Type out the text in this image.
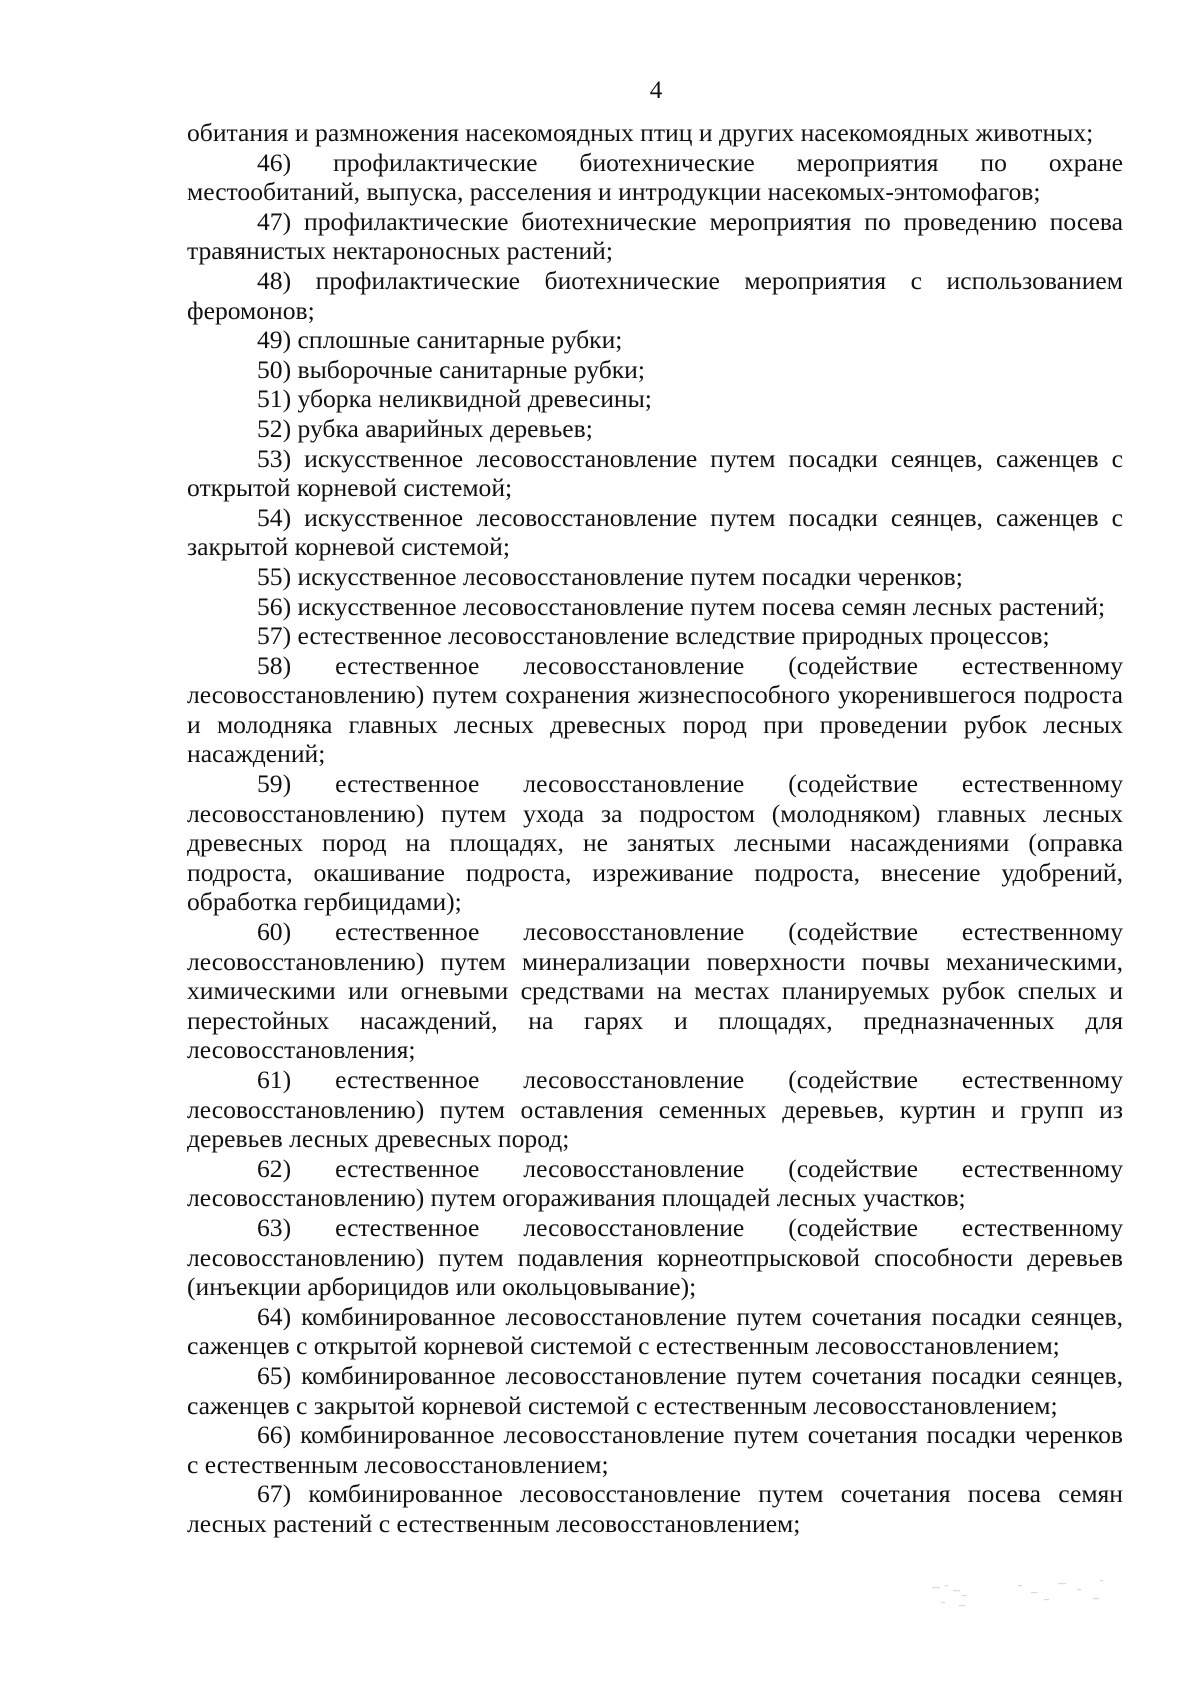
4

обитания и размножения насекомоядных птиц и других насекомоядных животных;

46) профилактические биотехнические мероприятия по охране местообитаний, выпуска, расселения и интродукции насекомых-энтомофагов;

47) профилактические биотехнические мероприятия по проведению посева травянистых нектароносных растений;

48) профилактические биотехнические мероприятия с использованием феромонов;

49) сплошные санитарные рубки;

50) выборочные санитарные рубки;

51) уборка неликвидной древесины;

52) рубка аварийных деревьев;

53) искусственное лесовосстановление путем посадки сеянцев, саженцев с открытой корневой системой;

54) искусственное лесовосстановление путем посадки сеянцев, саженцев с закрытой корневой системой;

55) искусственное лесовосстановление путем посадки черенков;

56) искусственное лесовосстановление путем посева семян лесных растений;

57) естественное лесовосстановление вследствие природных процессов;

58) естественное лесовосстановление (содействие естественному лесовосстановлению) путем сохранения жизнеспособного укоренившегося подроста и молодняка главных лесных древесных пород при проведении рубок лесных насаждений;

59) естественное лесовосстановление (содействие естественному лесовосстановлению) путем ухода за подростом (молодняком) главных лесных древесных пород на площадях, не занятых лесными насаждениями (оправка подроста, окашивание подроста, изреживание подроста, внесение удобрений, обработка гербицидами);

60) естественное лесовосстановление (содействие естественному лесовосстановлению) путем минерализации поверхности почвы механическими, химическими или огневыми средствами на местах планируемых рубок спелых и перестойных насаждений, на гарях и площадях, предназначенных для лесовосстановления;

61) естественное лесовосстановление (содействие естественному лесовосстановлению) путем оставления семенных деревьев, куртин и групп из деревьев лесных древесных пород;

62) естественное лесовосстановление (содействие естественному лесовосстановлению) путем огораживания площадей лесных участков;

63) естественное лесовосстановление (содействие естественному лесовосстановлению) путем подавления корнеотпрысковой способности деревьев (инъекции арборицидов или окольцовывание);

64) комбинированное лесовосстановление путем сочетания посадки сеянцев, саженцев с открытой корневой системой с естественным лесовосстановлением;

65) комбинированное лесовосстановление путем сочетания посадки сеянцев, саженцев с закрытой корневой системой с естественным лесовосстановлением;

66) комбинированное лесовосстановление путем сочетания посадки черенков с естественным лесовосстановлением;

67) комбинированное лесовосстановление путем сочетания посева семян лесных растений с естественным лесовосстановлением;
